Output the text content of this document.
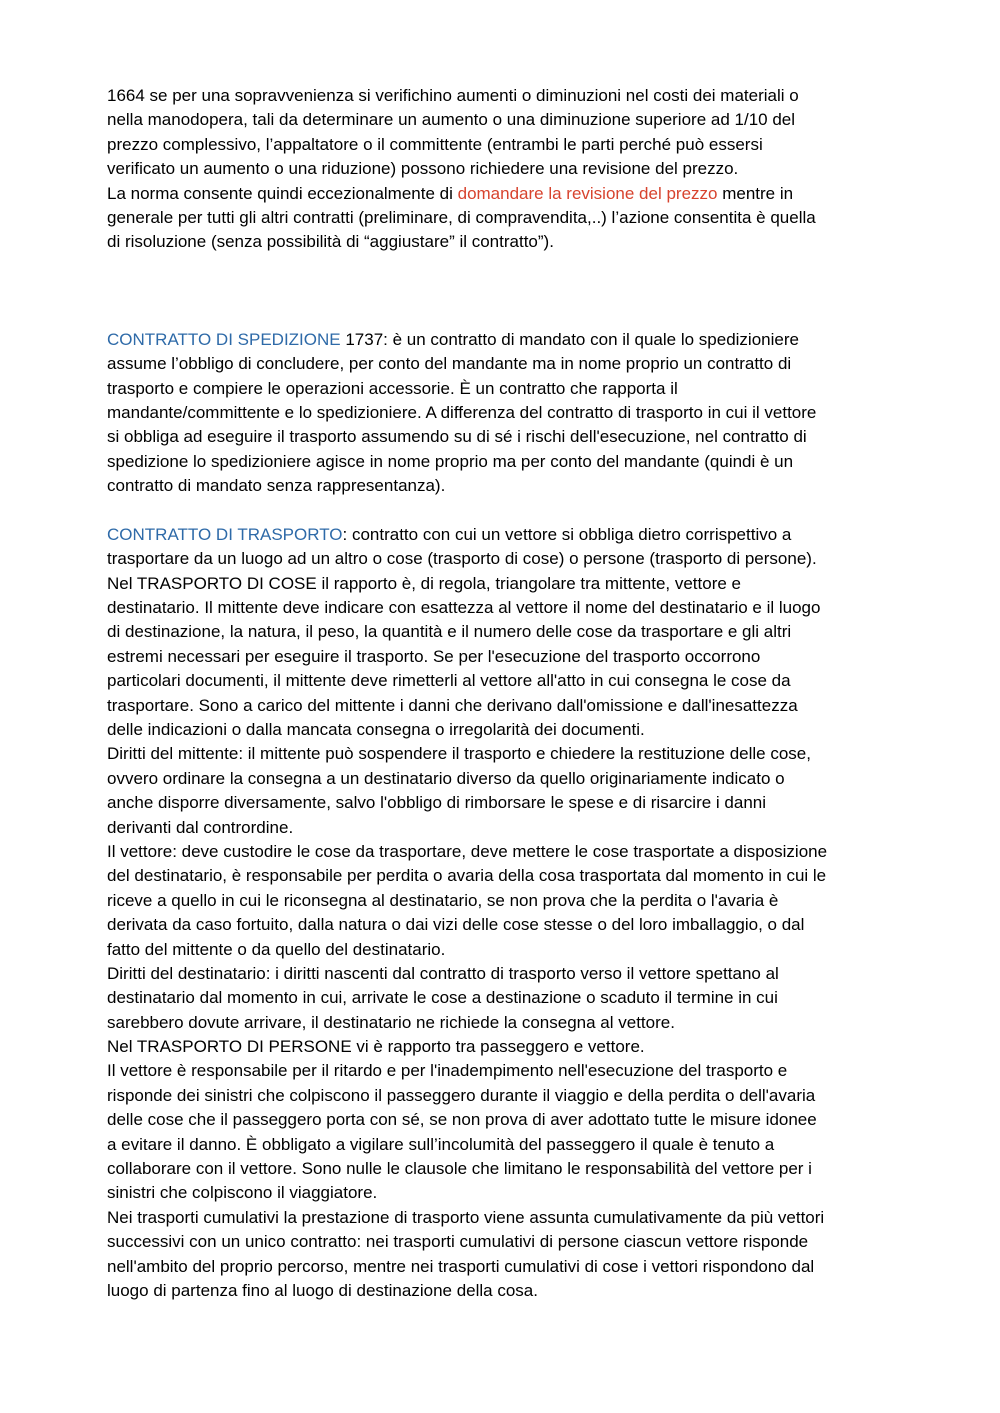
1664 se per una sopravvenienza si verifichino aumenti o diminuzioni nel costi dei materiali o
nella manodopera, tali da determinare un aumento o una diminuzione superiore ad 1/10 del
prezzo complessivo, l’appaltatore o il committente (entrambi le parti perché può essersi
verificato un aumento o una riduzione) possono richiedere una revisione del prezzo.
La norma consente quindi eccezionalmente di domandare la revisione del prezzo mentre in
generale per tutti gli altri contratti (preliminare, di compravendita,..) l’azione consentita è quella
di risoluzione (senza possibilità di “aggiustare” il contratto”).
CONTRATTO DI SPEDIZIONE 1737: è un contratto di mandato con il quale lo spedizioniere
assume l’obbligo di concludere, per conto del mandante ma in nome proprio un contratto di
trasporto e compiere le operazioni accessorie. È un contratto che rapporta il
mandante/committente e lo spedizioniere. A differenza del contratto di trasporto in cui il vettore
si obbliga ad eseguire il trasporto assumendo su di sé i rischi dell'esecuzione, nel contratto di
spedizione lo spedizioniere agisce in nome proprio ma per conto del mandante (quindi è un
contratto di mandato senza rappresentanza).
CONTRATTO DI TRASPORTO: contratto con cui un vettore si obbliga dietro corrispettivo a
trasportare da un luogo ad un altro o cose (trasporto di cose) o persone (trasporto di persone).
Nel TRASPORTO DI COSE il rapporto è, di regola, triangolare tra mittente, vettore e
destinatario. Il mittente deve indicare con esattezza al vettore il nome del destinatario e il luogo
di destinazione, la natura, il peso, la quantità e il numero delle cose da trasportare e gli altri
estremi necessari per eseguire il trasporto. Se per l'esecuzione del trasporto occorrono
particolari documenti, il mittente deve rimetterli al vettore all'atto in cui consegna le cose da
trasportare. Sono a carico del mittente i danni che derivano dall'omissione e dall'inesattezza
delle indicazioni o dalla mancata consegna o irregolarità dei documenti.
Diritti del mittente: il mittente può sospendere il trasporto e chiedere la restituzione delle cose,
ovvero ordinare la consegna a un destinatario diverso da quello originariamente indicato o
anche disporre diversamente, salvo l'obbligo di rimborsare le spese e di risarcire i danni
derivanti dal contrordine.
Il vettore: deve custodire le cose da trasportare, deve mettere le cose trasportate a disposizione
del destinatario, è responsabile per perdita o avaria della cosa trasportata dal momento in cui le
riceve a quello in cui le riconsegna al destinatario, se non prova che la perdita o l'avaria è
derivata da caso fortuito, dalla natura o dai vizi delle cose stesse o del loro imballaggio, o dal
fatto del mittente o da quello del destinatario.
Diritti del destinatario: i diritti nascenti dal contratto di trasporto verso il vettore spettano al
destinatario dal momento in cui, arrivate le cose a destinazione o scaduto il termine in cui
sarebbero dovute arrivare, il destinatario ne richiede la consegna al vettore.
Nel TRASPORTO DI PERSONE vi è rapporto tra passeggero e vettore.
Il vettore è responsabile per il ritardo e per l'inadempimento nell'esecuzione del trasporto e
risponde dei sinistri che colpiscono il passeggero durante il viaggio e della perdita o dell'avaria
delle cose che il passeggero porta con sé, se non prova di aver adottato tutte le misure idonee
a evitare il danno. È obbligato a vigilare sull’incolumità del passeggero il quale è tenuto a
collaborare con il vettore. Sono nulle le clausole che limitano le responsabilità del vettore per i
sinistri che colpiscono il viaggiatore.
Nei trasporti cumulativi la prestazione di trasporto viene assunta cumulativamente da più vettori
successivi con un unico contratto: nei trasporti cumulativi di persone ciascun vettore risponde
nell'ambito del proprio percorso, mentre nei trasporti cumulativi di cose i vettori rispondono dal
luogo di partenza fino al luogo di destinazione della cosa.
